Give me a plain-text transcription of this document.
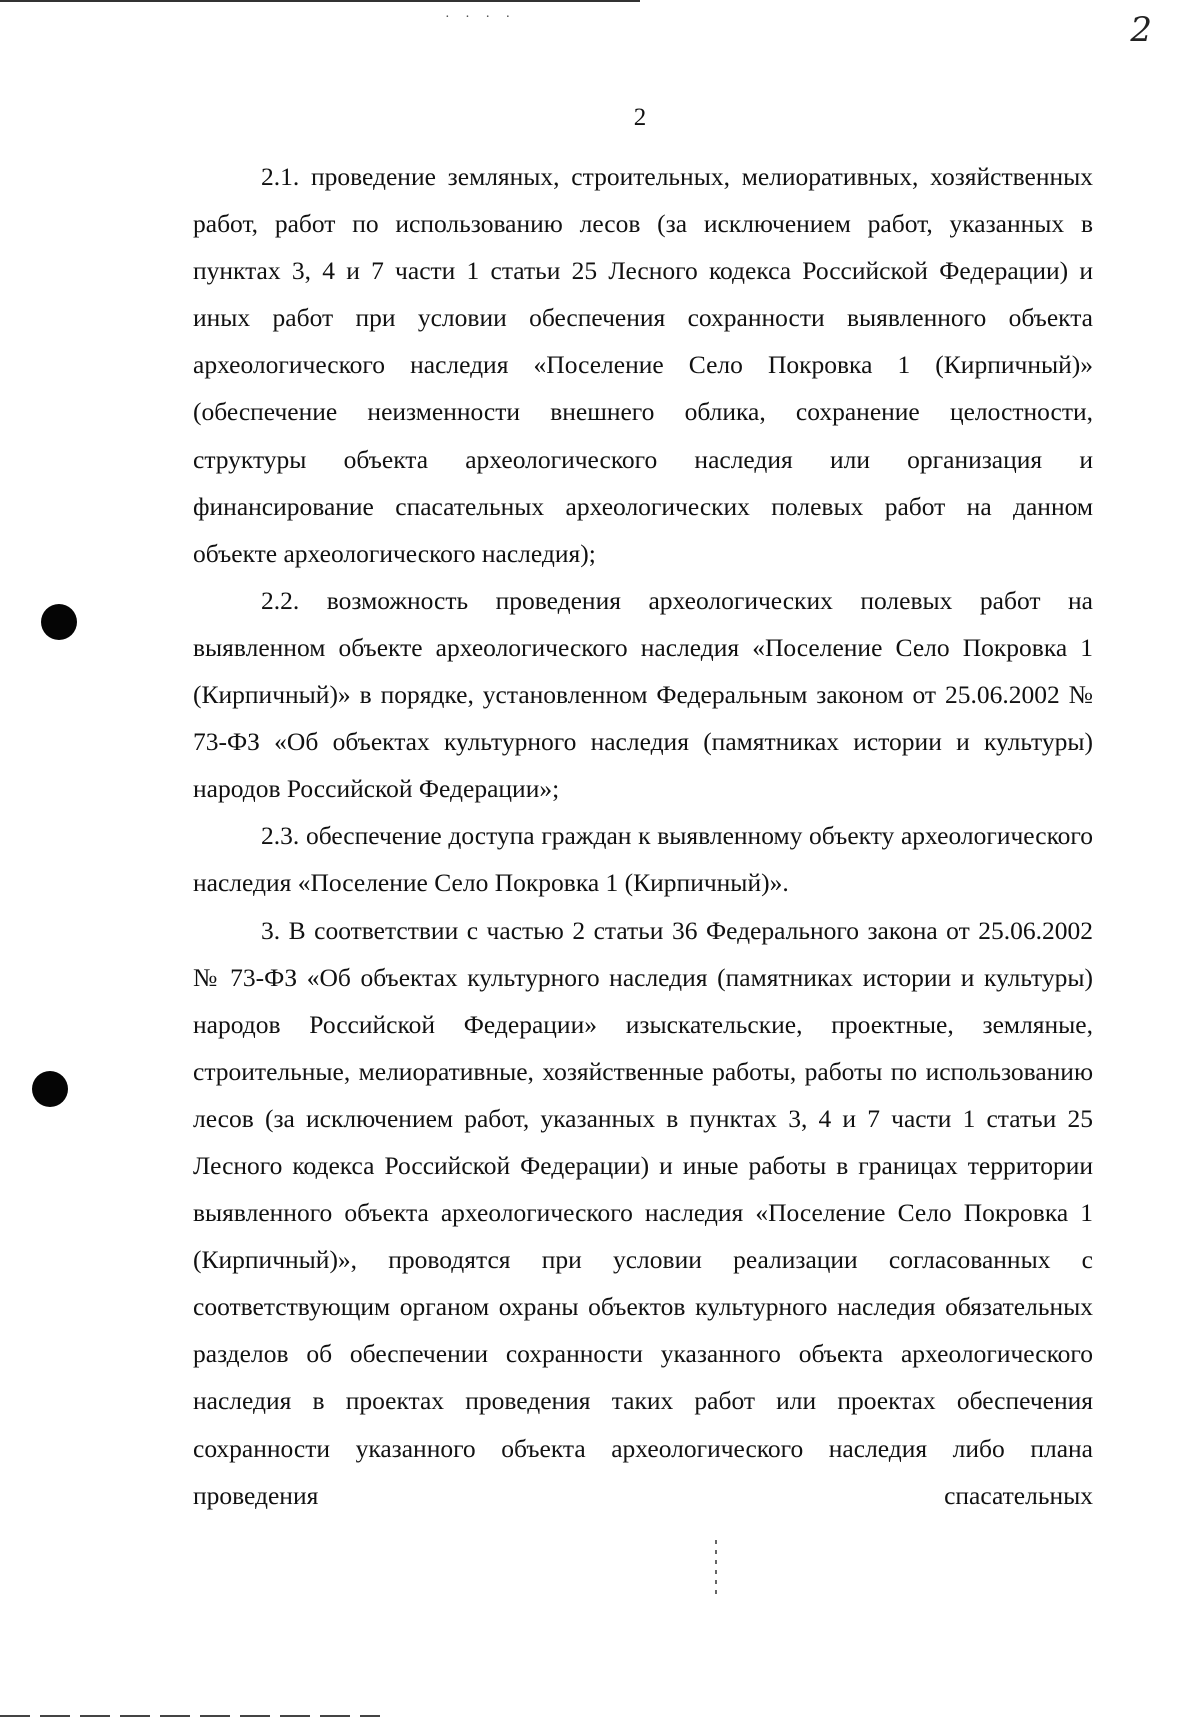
· · · ·	2
2

2.1. проведение земляных, строительных, мелиоративных, хозяйственных работ, работ по использованию лесов (за исключением работ, указанных в пунктах 3, 4 и 7 части 1 статьи 25 Лесного кодекса Российской Федерации) и иных работ при условии обеспечения сохранности выявленного объекта археологического наследия «Поселение Село Покровка 1 (Кирпичный)» (обеспечение неизменности внешнего облика, сохранение целостности, структуры объекта археологического наследия или организация и финансирование спасательных археологических полевых работ на данном объекте археологического наследия);

2.2. возможность проведения археологических полевых работ на выявленном объекте археологического наследия «Поселение Село Покровка 1 (Кирпичный)» в порядке, установленном Федеральным законом от 25.06.2002 № 73-ФЗ «Об объектах культурного наследия (памятниках истории и культуры) народов Российской Федерации»;

2.3. обеспечение доступа граждан к выявленному объекту археологического наследия «Поселение Село Покровка 1 (Кирпичный)».

3. В соответствии с частью 2 статьи 36 Федерального закона от 25.06.2002 № 73-ФЗ «Об объектах культурного наследия (памятниках истории и культуры) народов Российской Федерации» изыскательские, проектные, земляные, строительные, мелиоративные, хозяйственные работы, работы по использованию лесов (за исключением работ, указанных в пунктах 3, 4 и 7 части 1 статьи 25 Лесного кодекса Российской Федерации) и иные работы в границах территории выявленного объекта археологического наследия «Поселение Село Покровка 1 (Кирпичный)», проводятся при условии реализации согласованных с соответствующим органом охраны объектов культурного наследия обязательных разделов об обеспечении сохранности указанного объекта археологического наследия в проектах проведения таких работ или проектах обеспечения сохранности указанного объекта археологического наследия либо плана проведения спасательных
